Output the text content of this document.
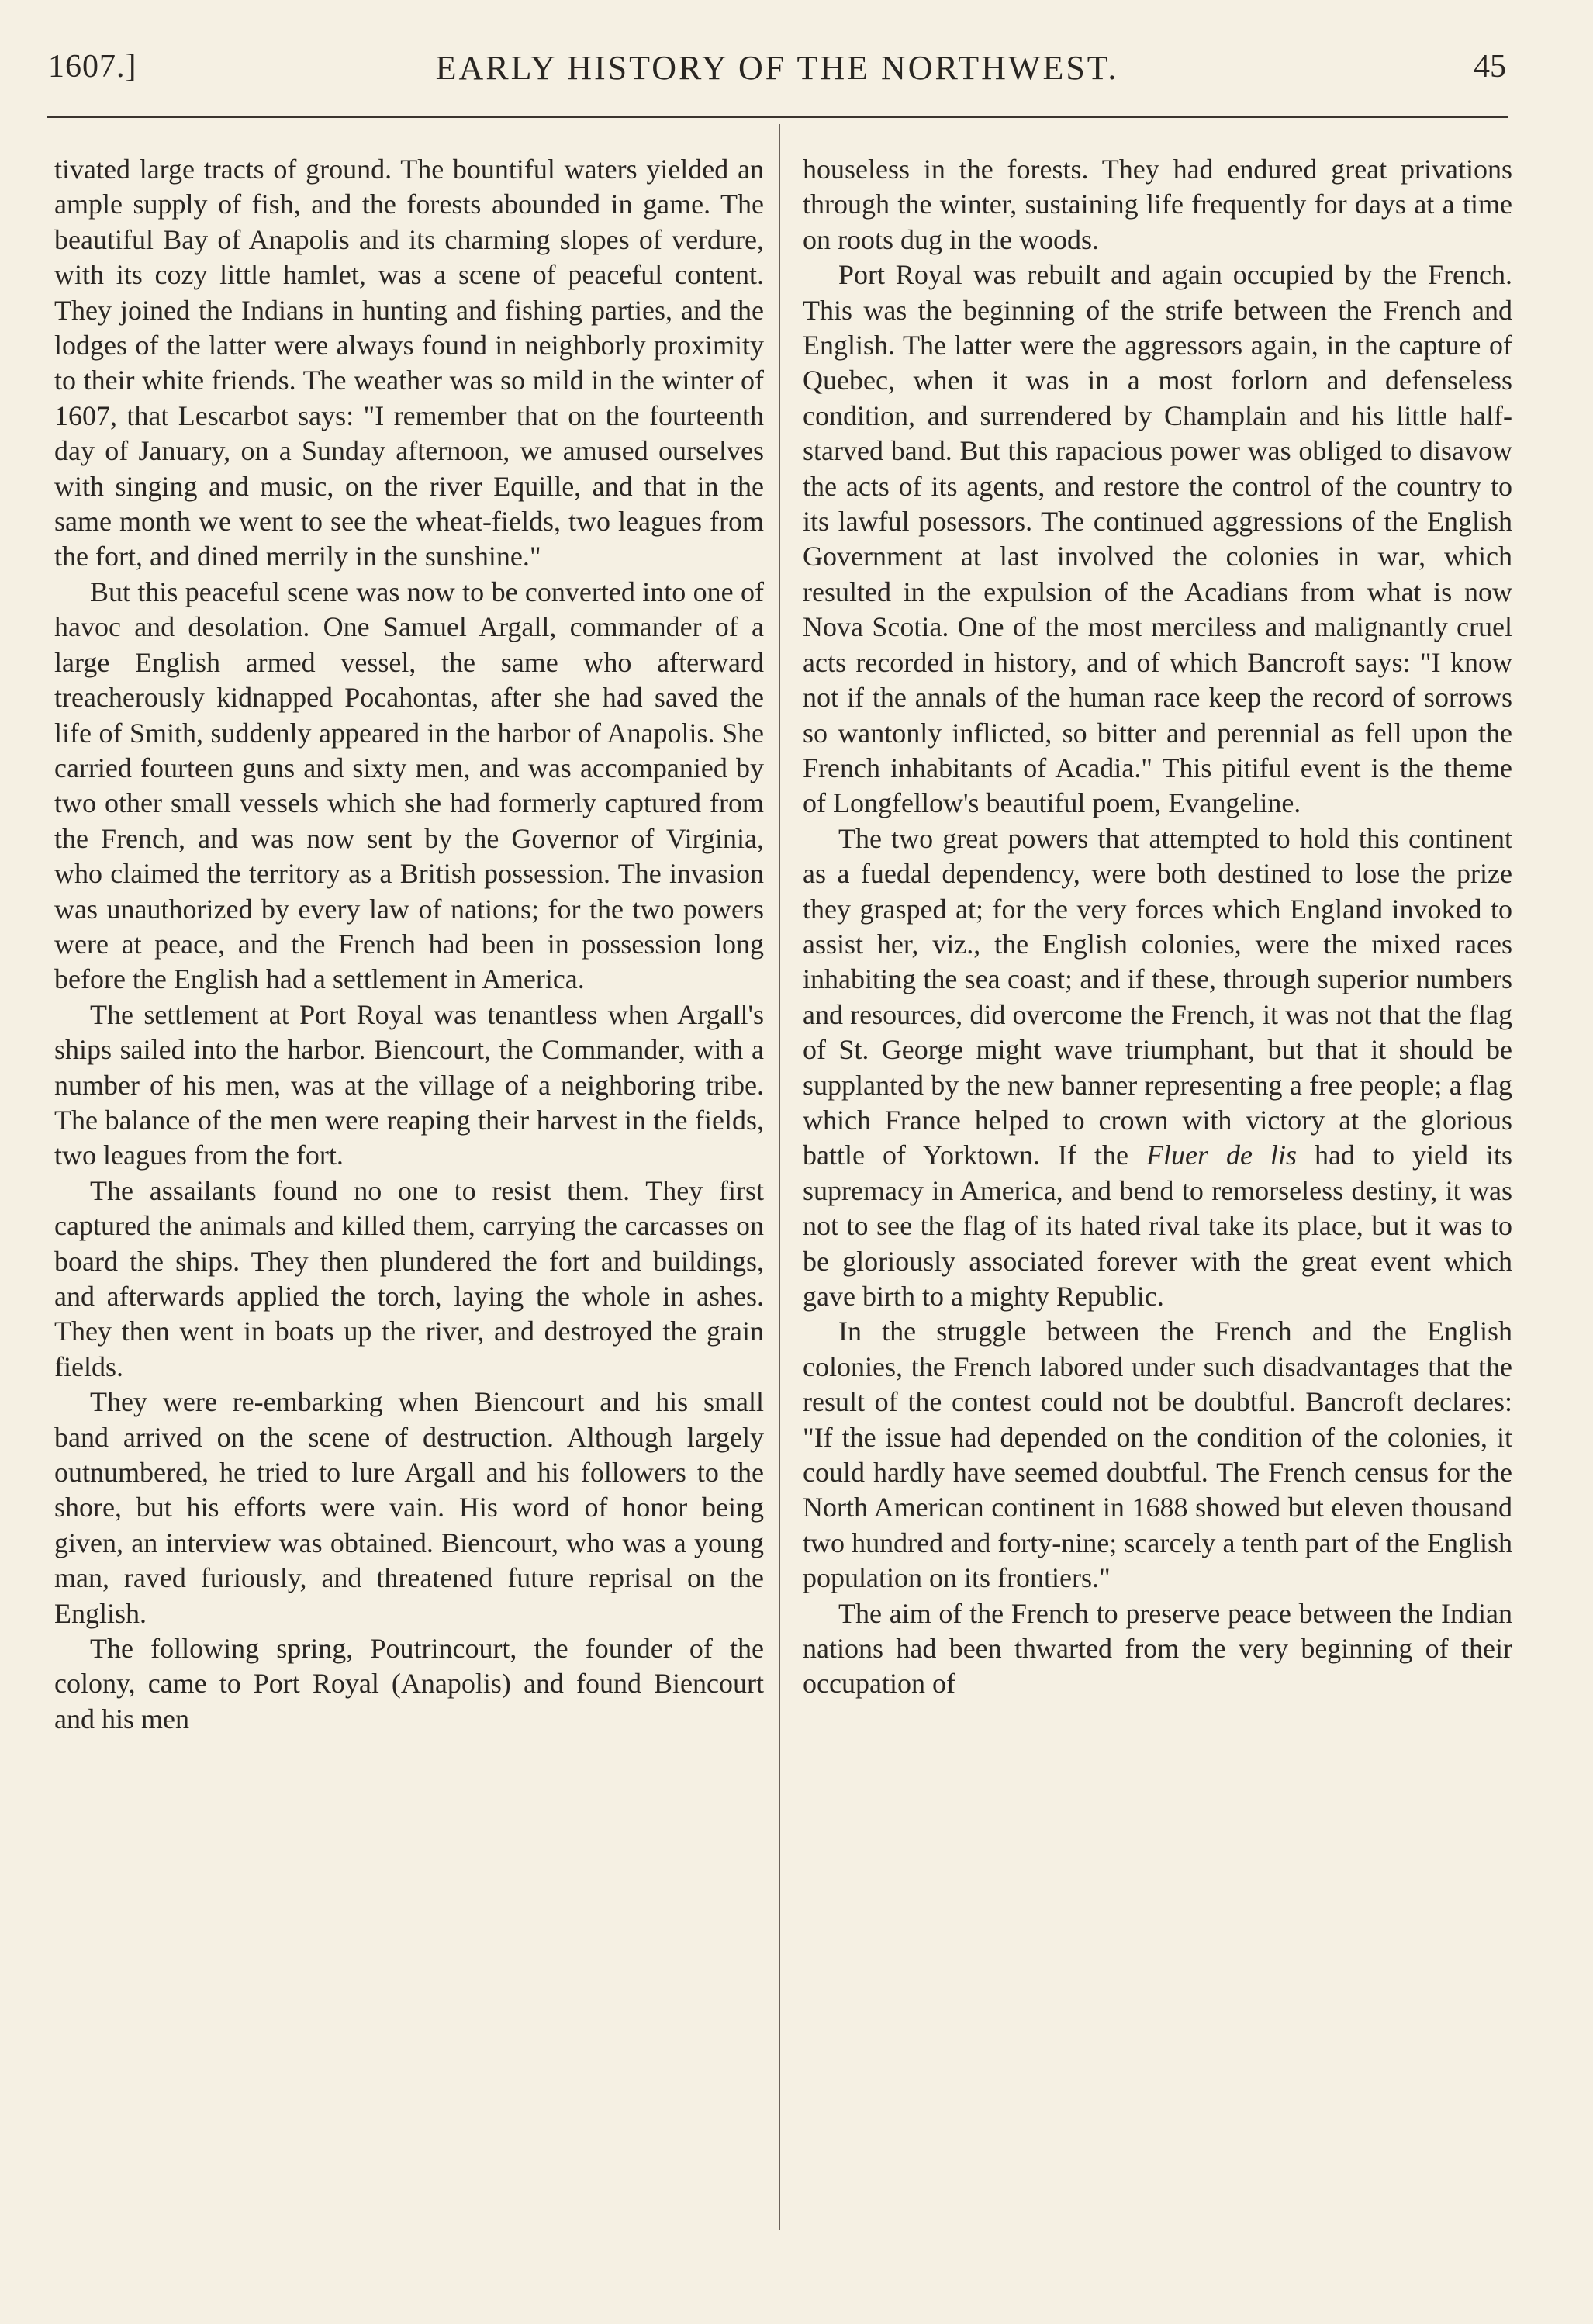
1607.]	EARLY HISTORY OF THE NORTHWEST.	45

tivated large tracts of ground. The bountiful waters yielded an ample supply of fish, and the forests abounded in game. The beautiful Bay of Anapolis and its charming slopes of verdure, with its cozy little hamlet, was a scene of peaceful content. They joined the Indians in hunting and fishing parties, and the lodges of the latter were always found in neighborly proximity to their white friends. The weather was so mild in the winter of 1607, that Lescarbot says: "I remember that on the fourteenth day of January, on a Sunday afternoon, we amused ourselves with singing and music, on the river Equille, and that in the same month we went to see the wheat-fields, two leagues from the fort, and dined merrily in the sunshine."

But this peaceful scene was now to be converted into one of havoc and desolation. One Samuel Argall, commander of a large English armed vessel, the same who afterward treacherously kidnapped Pocahontas, after she had saved the life of Smith, suddenly appeared in the harbor of Anapolis. She carried fourteen guns and sixty men, and was accompanied by two other small vessels which she had formerly captured from the French, and was now sent by the Governor of Virginia, who claimed the territory as a British possession. The invasion was unauthorized by every law of nations; for the two powers were at peace, and the French had been in possession long before the English had a settlement in America.

The settlement at Port Royal was tenantless when Argall's ships sailed into the harbor. Biencourt, the Commander, with a number of his men, was at the village of a neighboring tribe. The balance of the men were reaping their harvest in the fields, two leagues from the fort.

The assailants found no one to resist them. They first captured the animals and killed them, carrying the carcasses on board the ships. They then plundered the fort and buildings, and afterwards applied the torch, laying the whole in ashes. They then went in boats up the river, and destroyed the grain fields.

They were re-embarking when Biencourt and his small band arrived on the scene of destruction. Although largely outnumbered, he tried to lure Argall and his followers to the shore, but his efforts were vain. His word of honor being given, an interview was obtained. Biencourt, who was a young man, raved furiously, and threatened future reprisal on the English.

The following spring, Poutrincourt, the founder of the colony, came to Port Royal (Anapolis) and found Biencourt and his men

houseless in the forests. They had endured great privations through the winter, sustaining life frequently for days at a time on roots dug in the woods.

Port Royal was rebuilt and again occupied by the French. This was the beginning of the strife between the French and English. The latter were the aggressors again, in the capture of Quebec, when it was in a most forlorn and defenseless condition, and surrendered by Champlain and his little half-starved band. But this rapacious power was obliged to disavow the acts of its agents, and restore the control of the country to its lawful posessors. The continued aggressions of the English Government at last involved the colonies in war, which resulted in the expulsion of the Acadians from what is now Nova Scotia. One of the most merciless and malignantly cruel acts recorded in history, and of which Bancroft says: "I know not if the annals of the human race keep the record of sorrows so wantonly inflicted, so bitter and perennial as fell upon the French inhabitants of Acadia." This pitiful event is the theme of Longfellow's beautiful poem, Evangeline.

The two great powers that attempted to hold this continent as a fuedal dependency, were both destined to lose the prize they grasped at; for the very forces which England invoked to assist her, viz., the English colonies, were the mixed races inhabiting the sea coast; and if these, through superior numbers and resources, did overcome the French, it was not that the flag of St. George might wave triumphant, but that it should be supplanted by the new banner representing a free people; a flag which France helped to crown with victory at the glorious battle of Yorktown. If the Fluer de lis had to yield its supremacy in America, and bend to remorseless destiny, it was not to see the flag of its hated rival take its place, but it was to be gloriously associated forever with the great event which gave birth to a mighty Republic.

In the struggle between the French and the English colonies, the French labored under such disadvantages that the result of the contest could not be doubtful. Bancroft declares: "If the issue had depended on the condition of the colonies, it could hardly have seemed doubtful. The French census for the North American continent in 1688 showed but eleven thousand two hundred and forty-nine; scarcely a tenth part of the English population on its frontiers."

The aim of the French to preserve peace between the Indian nations had been thwarted from the very beginning of their occupation of
